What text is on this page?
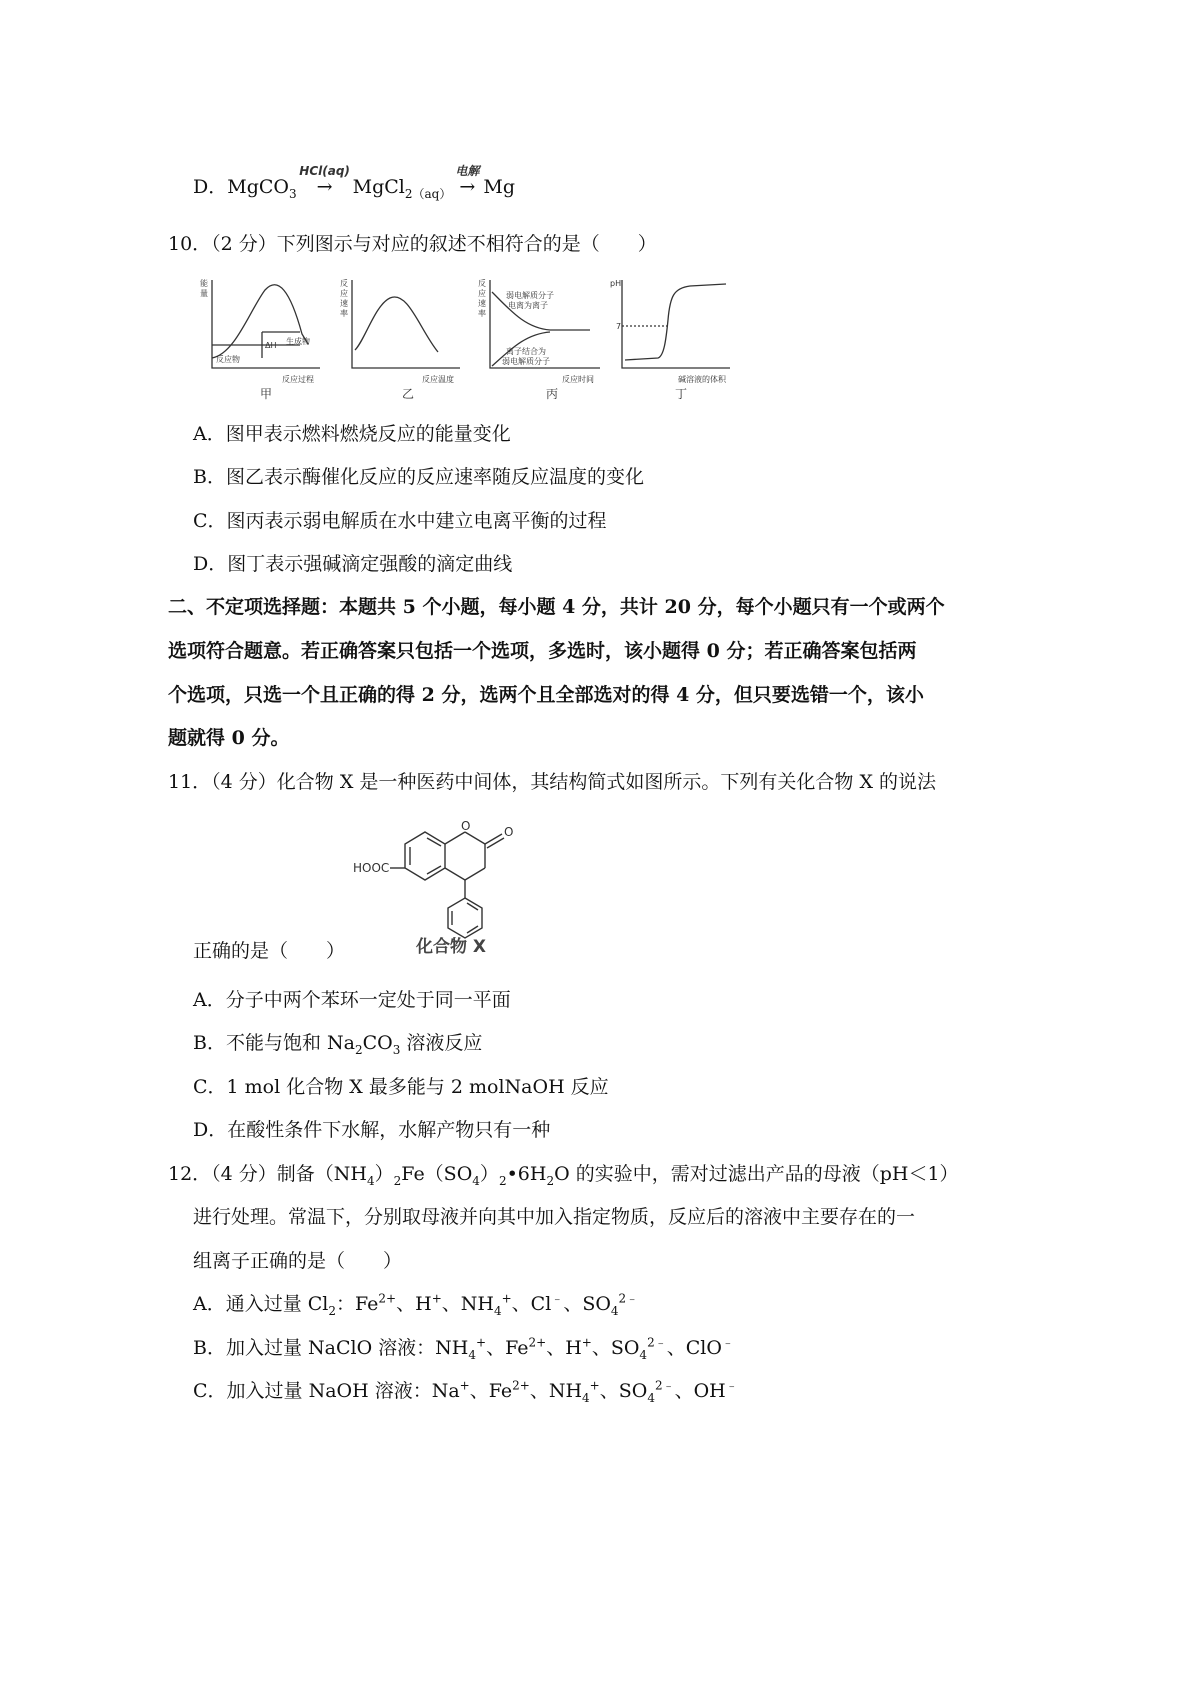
D．MgCO$_3$
HCl(aq)
→ MgCl$_{2(aq)}$
电解
→ Mg
10．（2 分）下列图示与对应的叙述不相符合的是（　　）
能
量
反应物
生成物
ΔH
反应过程
反
应
速
率
反应温度
反
应
速
率
弱电解质分子
电离为离子
离子结合为
弱电解质分子
反应时间
pH
7
碱溶液的体积
甲	乙	丙	丁
A．图甲表示燃料燃烧反应的能量变化
B．图乙表示酶催化反应的反应速率随反应温度的变化
C．图丙表示弱电解质在水中建立电离平衡的过程
D．图丁表示强碱滴定强酸的滴定曲线
二、不定项选择题：本题共 5 个小题，每小题 4 分，共计 20 分，每个小题只有一个或两个
选项符合题意。若正确答案只包括一个选项，多选时，该小题得 0 分；若正确答案包括两
个选项，只选一个且正确的得 2 分，选两个且全部选对的得 4 分，但只要选错一个，该小
题就得 0 分。
11．（4 分）化合物 X 是一种医药中间体，其结构简式如图所示。下列有关化合物 X 的说法
O	O
HOOC
化合物 X
正确的是（　　）
A．分子中两个苯环一定处于同一平面
B．不能与饱和 $Na_2CO_3$ 溶液反应
C．1 mol 化合物 X 最多能与 2 molNaOH 反应
D．在酸性条件下水解，水解产物只有一种
12．（4 分）制备$(NH_4)_2Fe(SO_4)_2•6H_2O$ 的实验中，需对过滤出产品的母液（pH＜1）
进行处理。常温下，分别取母液并向其中加入指定物质，反应后的溶液中主要存在的一
组离子正确的是（　　）
A．通入过量 $Cl_2$：$Fe^{2+}$、H+、$NH_4^+$、Cl﹣、$SO_4^{2﹣}$
B．加入过量 NaClO 溶液：$NH_4^+$、$Fe^{2+}$、H+、$SO_4^{2﹣}$、ClO﹣
C．加入过量 NaOH 溶液：Na+、$Fe^{2+}$、$NH_4^+$、$SO_4^{2﹣}$、OH﹣
